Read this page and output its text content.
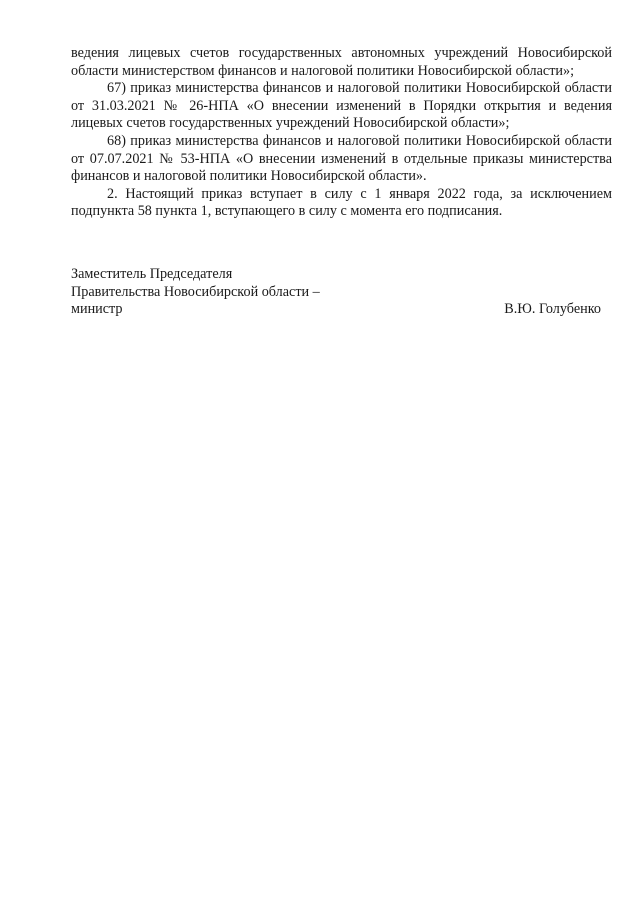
ведения лицевых счетов государственных автономных учреждений Новосибирской области министерством финансов и налоговой политики Новосибирской области»;

67) приказ министерства финансов и налоговой политики Новосибирской области от 31.03.2021 № 26-НПА «О внесении изменений в Порядки открытия и ведения лицевых счетов государственных учреждений Новосибирской области»;

68) приказ министерства финансов и налоговой политики Новосибирской области от 07.07.2021 № 53-НПА «О внесении изменений в отдельные приказы министерства финансов и налоговой политики Новосибирской области».

2. Настоящий приказ вступает в силу с 1 января 2022 года, за исключением подпункта 58 пункта 1, вступающего в силу с момента его подписания.

Заместитель Председателя
Правительства Новосибирской области –
министр	В.Ю. Голубенко
